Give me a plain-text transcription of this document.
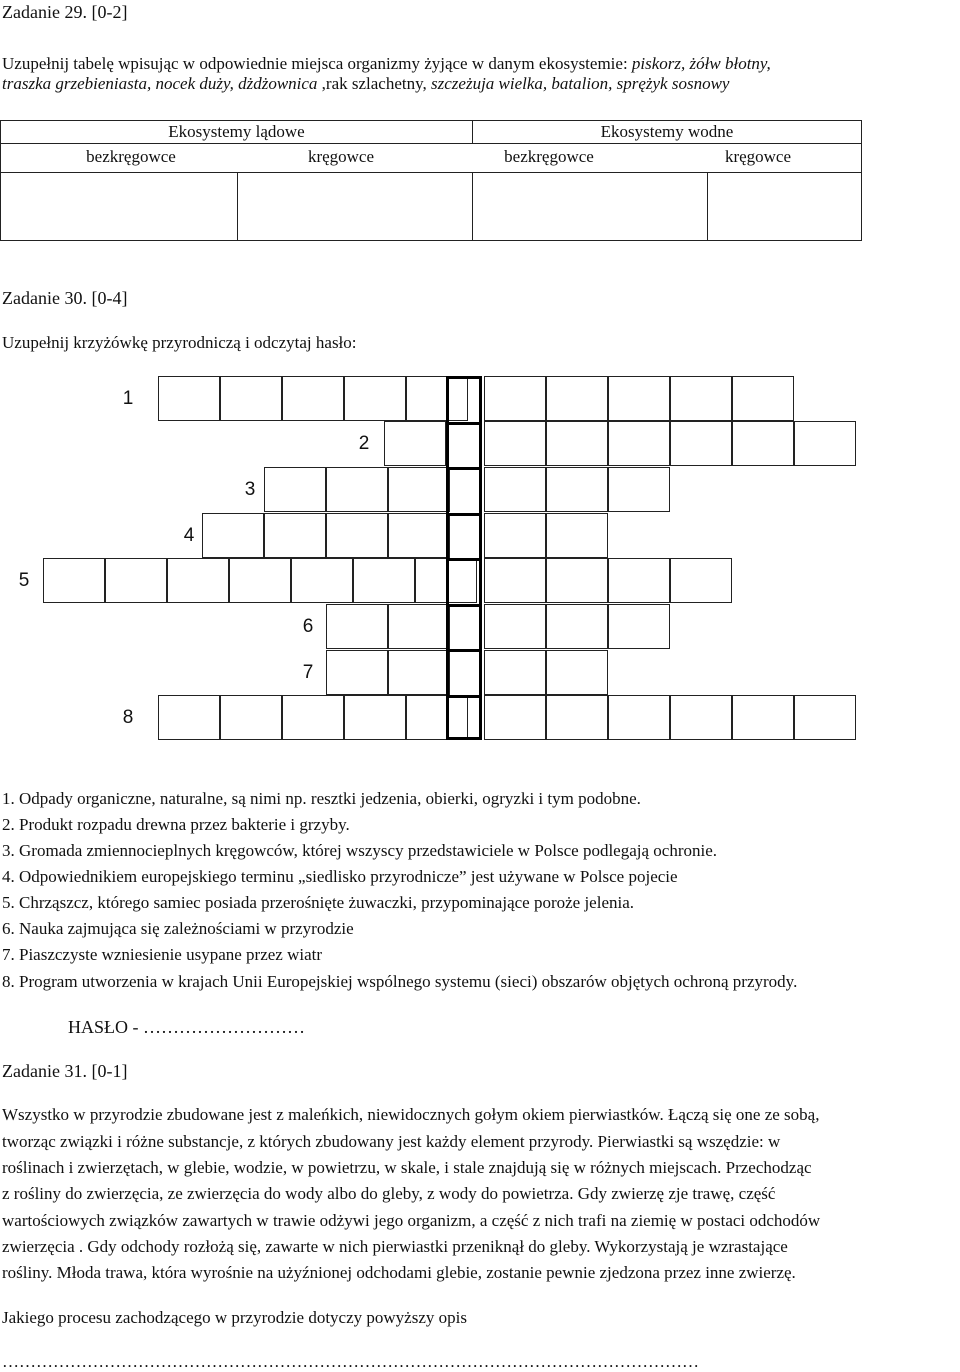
Zadanie 29. [0-2]
Uzupełnij tabelę wpisując w odpowiednie miejsca organizmy żyjące w danym ekosystemie: piskorz, żółw błotny,
traszka grzebieniasta, nocek duży, dżdżownica ,rak szlachetny, szczeżuja wielka, batalion, sprężyk sosnowy
Ekosystemy lądowe	Ekosystemy wodne
bezkręgowce	kręgowce	bezkręgowce	kręgowce
Zadanie 30. [0-4]
Uzupełnij krzyżówkę przyrodniczą i odczytaj hasło:
1
2
3
4
5
6
7
8
1. Odpady organiczne, naturalne, są nimi np. resztki jedzenia, obierki, ogryzki i tym podobne.
2. Produkt rozpadu drewna przez bakterie i grzyby.
3. Gromada zmiennocieplnych kręgowców, której wszyscy przedstawiciele w Polsce podlegają ochronie.
4. Odpowiednikiem europejskiego terminu „siedlisko przyrodnicze” jest używane w Polsce pojecie
5. Chrząszcz, którego samiec posiada przerośnięte żuwaczki, przypominające poroże jelenia.
6. Nauka zajmująca się zależnościami w przyrodzie
7. Piaszczyste wzniesienie usypane przez wiatr
8. Program utworzenia w krajach Unii Europejskiej wspólnego systemu (sieci) obszarów objętych ochroną przyrody.
HASŁO - ………………………
Zadanie 31. [0-1]
Wszystko w przyrodzie zbudowane jest z maleńkich, niewidocznych gołym okiem pierwiastków. Łączą się one ze sobą,
tworząc związki i różne substancje, z których zbudowany jest każdy element przyrody. Pierwiastki są wszędzie: w
roślinach i zwierzętach, w glebie, wodzie, w powietrzu, w skale, i stale znajdują się w różnych miejscach. Przechodząc
z rośliny do zwierzęcia, ze zwierzęcia do wody albo do gleby, z wody do powietrza. Gdy zwierzę zje trawę, część
wartościowych związków zawartych w trawie odżywi jego organizm, a część z nich trafi na ziemię w postaci odchodów
zwierzęcia . Gdy odchody rozłożą się, zawarte w nich pierwiastki przeniknął do gleby. Wykorzystają je wzrastające
rośliny. Młoda trawa, która wyrośnie na użyźnionej odchodami glebie, zostanie pewnie zjedzona przez inne zwierzę.
Jakiego procesu zachodzącego w przyrodzie dotyczy powyższy opis
……………………………………………………………………………………………………………
